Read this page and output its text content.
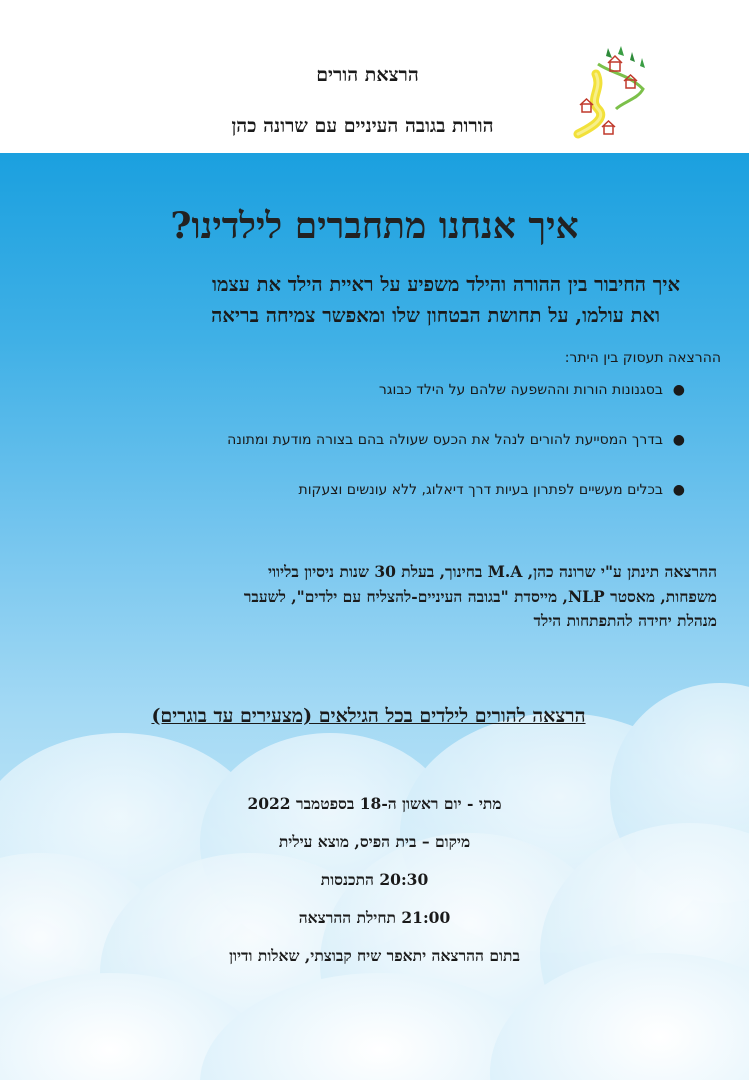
הרצאת הורים
הורות בגובה העיניים עם שרונה כהן
איך אנחנו מתחברים לילדינו?
איך החיבור בין ההורה והילד משפיע על ראיית הילד את עצמו
ואת עולמו, על תחושת הבטחון שלו ומאפשר צמיחה בריאה
ההרצאה תעסוק בין היתר:
●
בסגנונות הורות וההשפעה שלהם על הילד כבוגר
●
בדרך המסייעת להורים לנהל את הכעס שעולה בהם בצורה מודעת ומתונה
●
בכלים מעשיים לפתרון בעיות דרך דיאלוג, ללא עונשים וצעקות
ההרצאה תינתן ע"י שרונה כהן, M.A בחינוך, בעלת 30 שנות ניסיון בליווי
משפחות, מאסטר NLP, מייסדת "בגובה העיניים-להצליח עם ילדים", לשעבר
מנהלת יחידה להתפתחות הילד
הרצאה להורים לילדים בכל הגילאים (מצעירים עד בוגרים)
מתי - יום ראשון ה-18 בספטמבר 2022
מיקום – בית הפיס, מוצא עילית
20:30 התכנסות
21:00 תחילת ההרצאה
בתום ההרצאה יתאפר שיח קבוצתי, שאלות ודיון
